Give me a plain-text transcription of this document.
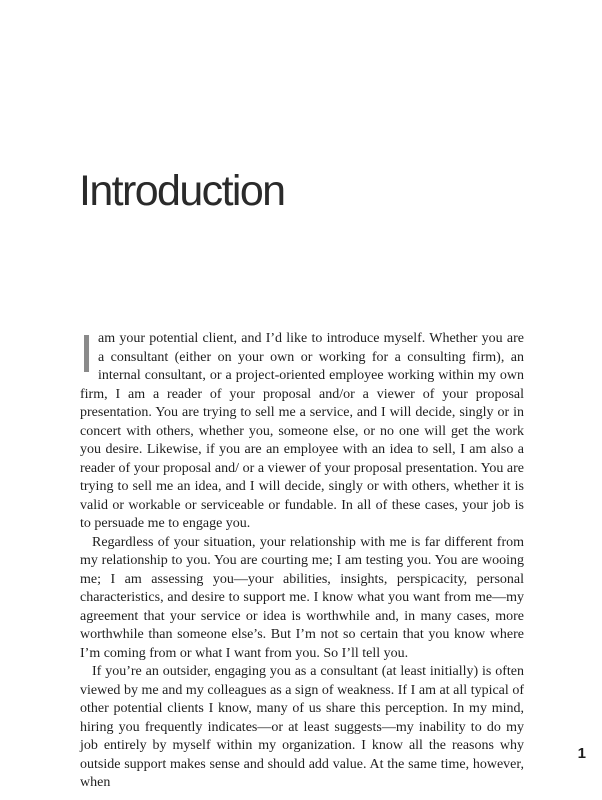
Introduction

Iam your potential client, and I’d like to introduce myself. Whether you are a consultant (either on your own or working for a consulting firm), an internal consultant, or a project-oriented employee working within my own firm, I am a reader of your proposal and/or a viewer of your proposal presentation. You are trying to sell me a service, and I will decide, singly or in concert with others, whether you, someone else, or no one will get the work you desire. Likewise, if you are an employee with an idea to sell, I am also a reader of your proposal and/ or a viewer of your proposal presentation. You are trying to sell me an idea, and I will decide, singly or with others, whether it is valid or workable or serviceable or fundable. In all of these cases, your job is to persuade me to engage you.

Regardless of your situation, your relationship with me is far different from my relationship to you. You are courting me; I am testing you. You are wooing me; I am assessing you—your abilities, insights, perspicacity, personal characteristics, and desire to support me. I know what you want from me—my agreement that your service or idea is worthwhile and, in many cases, more worthwhile than someone else’s. But I’m not so certain that you know where I’m coming from or what I want from you. So I’ll tell you.

If you’re an outsider, engaging you as a consultant (at least initially) is often viewed by me and my colleagues as a sign of weakness. If I am at all typical of other potential clients I know, many of us share this perception. In my mind, hiring you frequently indicates—or at least suggests—my inability to do my job entirely by myself within my organization. I know all the reasons why outside support makes sense and should add value. At the same time, however, when

1
